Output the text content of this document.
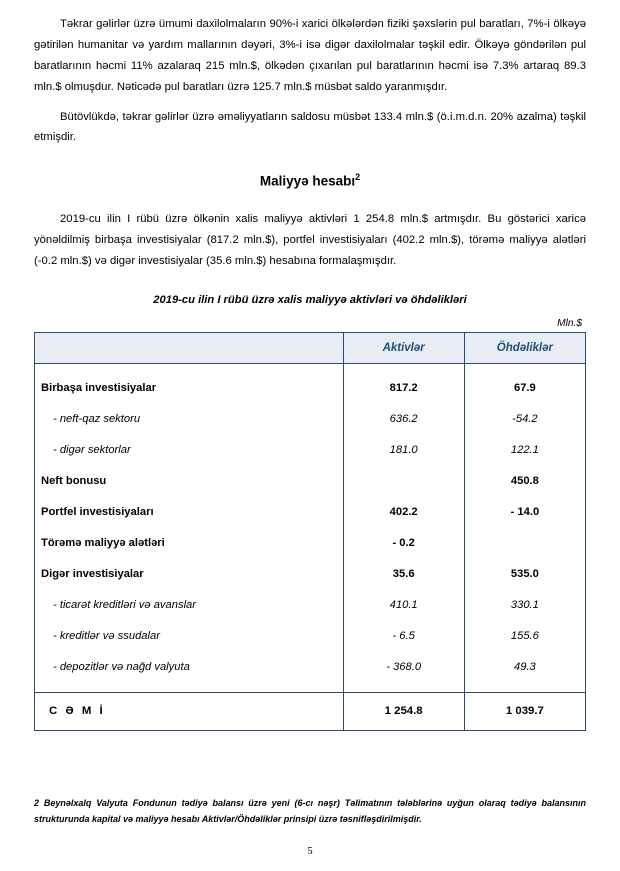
Təkrar gəlirlər üzrə ümumi daxilolmaların 90%-i xarici ölkələrdən fiziki şəxslərin pul baratları, 7%-i ölkəyə gətirilən humanitar və yardım mallarının dəyəri, 3%-i isə digər daxilolmalar təşkil edir. Ölkəyə göndərilən pul baratlarının həcmi 11% azalaraq 215 mln.$, ölkədən çıxarılan pul baratlarının həcmi isə 7.3% artaraq 89.3 mln.$ olmuşdur. Nəticədə pul baratları üzrə 125.7 mln.$ müsbət saldo yaranmışdır.

Bütövlükdə, təkrar gəlirlər üzrə əməliyyatların saldosu müsbət 133.4 mln.$ (ö.i.m.d.n. 20% azalma) təşkil etmişdir.

Maliyyə hesabı$^2$

2019-cu ilin I rübü üzrə ölkənin xalis maliyyə aktivləri 1 254.8 mln.$ artmışdır. Bu göstərici xaricə yönəldilmiş birbaşa investisiyalar (817.2 mln.$), portfel investisiyaları (402.2 mln.$), törəmə maliyyə alətləri (-0.2 mln.$) və digər investisiyalar (35.6 mln.$) hesabına formalaşmışdır.

2019-cu ilin I rübü üzrə xalis maliyyə aktivləri və öhdəlikləri
Mln.$
	Aktivlər	Öhdəliklər

Birbaşa investisiyalar	817.2	67.9
- neft-qaz sektoru	636.2	-54.2
- digər sektorlar	181.0	122.1
Neft bonusu		450.8
Portfel investisiyaları	402.2	- 14.0
Törəmə maliyyə alətləri	- 0.2	
Digər investisiyalar	35.6	535.0
- ticarət kreditləri və avanslar	410.1	330.1
- kreditlər və ssudalar	- 6.5	155.6
- depozitlər və nağd valyuta	- 368.0	49.3

C Ə M İ	1 254.8	1 039.7
2 Beynəlxalq Valyuta Fondunun tədiyə balansı üzrə yeni (6-cı nəşr) Təlimatının tələblərinə uyğun olaraq tədiyə balansının strukturunda kapital və maliyyə hesabı Aktivlər/Öhdəliklər prinsipi üzrə təsnifləşdirilmişdir.
5
